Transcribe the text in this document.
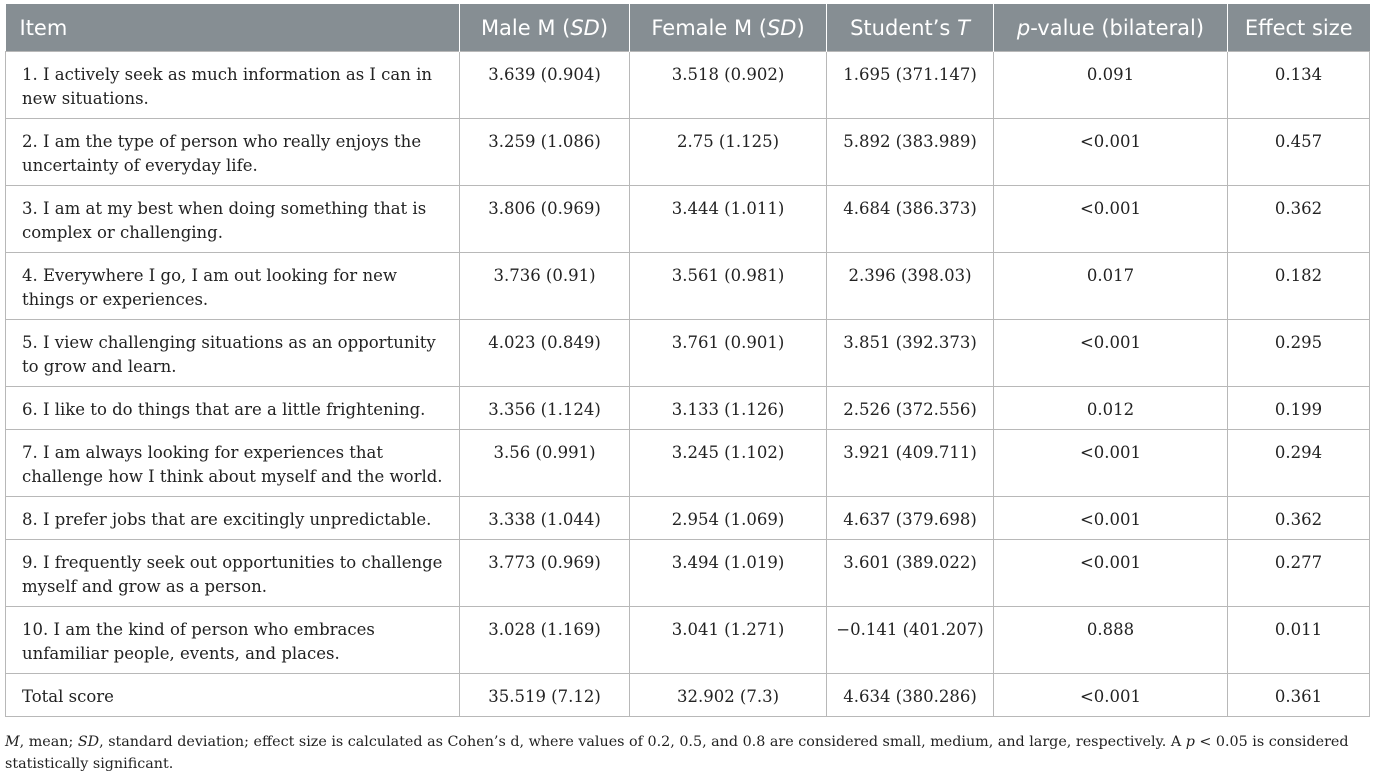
Item	Male M (SD)	Female M (SD)	Student’s T	p-value (bilateral)	Effect size
1. I actively seek as much information as I can in new situations.	3.639 (0.904)	3.518 (0.902)	1.695 (371.147)	0.091	0.134
2. I am the type of person who really enjoys the uncertainty of everyday life.	3.259 (1.086)	2.75 (1.125)	5.892 (383.989)	<0.001	0.457
3. I am at my best when doing something that is complex or challenging.	3.806 (0.969)	3.444 (1.011)	4.684 (386.373)	<0.001	0.362
4. Everywhere I go, I am out looking for new things or experiences.	3.736 (0.91)	3.561 (0.981)	2.396 (398.03)	0.017	0.182
5. I view challenging situations as an opportunity to grow and learn.	4.023 (0.849)	3.761 (0.901)	3.851 (392.373)	<0.001	0.295
6. I like to do things that are a little frightening.	3.356 (1.124)	3.133 (1.126)	2.526 (372.556)	0.012	0.199
7. I am always looking for experiences that challenge how I think about myself and the world.	3.56 (0.991)	3.245 (1.102)	3.921 (409.711)	<0.001	0.294
8. I prefer jobs that are excitingly unpredictable.	3.338 (1.044)	2.954 (1.069)	4.637 (379.698)	<0.001	0.362
9. I frequently seek out opportunities to challenge myself and grow as a person.	3.773 (0.969)	3.494 (1.019)	3.601 (389.022)	<0.001	0.277
10. I am the kind of person who embraces unfamiliar people, events, and places.	3.028 (1.169)	3.041 (1.271)	−0.141 (401.207)	0.888	0.011
Total score	35.519 (7.12)	32.902 (7.3)	4.634 (380.286)	<0.001	0.361
M, mean; SD, standard deviation; effect size is calculated as Cohen’s d, where values of 0.2, 0.5, and 0.8 are considered small, medium, and large, respectively. A p < 0.05 is considered statistically significant.
